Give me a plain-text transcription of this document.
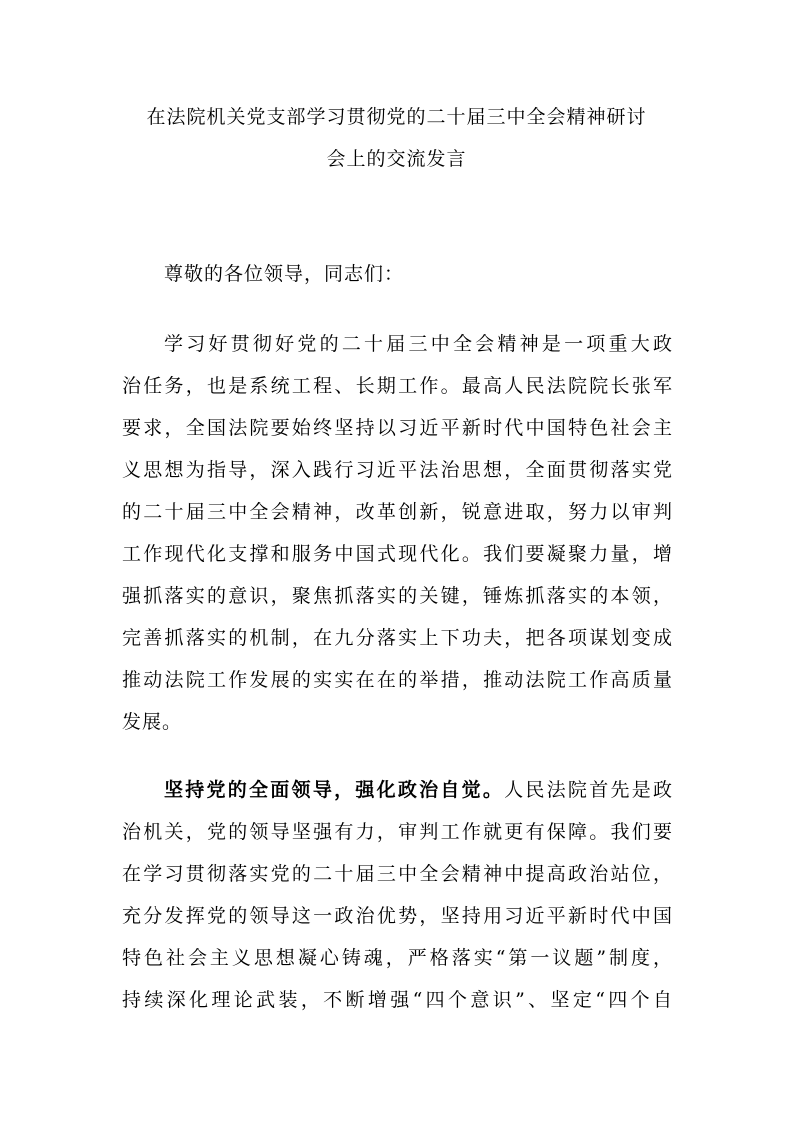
在法院机关党支部学习贯彻党的二十届三中全会精神研讨
会上的交流发言
尊敬的各位领导，同志们：
学习好贯彻好党的二十届三中全会精神是一项重大政
治任务，也是系统工程、长期工作。最高人民法院院长张军
要求，全国法院要始终坚持以习近平新时代中国特色社会主
义思想为指导，深入践行习近平法治思想，全面贯彻落实党
的二十届三中全会精神，改革创新，锐意进取，努力以审判
工作现代化支撑和服务中国式现代化。我们要凝聚力量，增
强抓落实的意识，聚焦抓落实的关键，锤炼抓落实的本领，
完善抓落实的机制，在九分落实上下功夫，把各项谋划变成
推动法院工作发展的实实在在的举措，推动法院工作高质量
发展。
坚持党的全面领导，强化政治自觉。人民法院首先是政
治机关，党的领导坚强有力，审判工作就更有保障。我们要
在学习贯彻落实党的二十届三中全会精神中提高政治站位，
充分发挥党的领导这一政治优势，坚持用习近平新时代中国
特色社会主义思想凝心铸魂，严格落实“第一议题”制度，
持续深化理论武装，不断增强“四个意识”、坚定“四个自
